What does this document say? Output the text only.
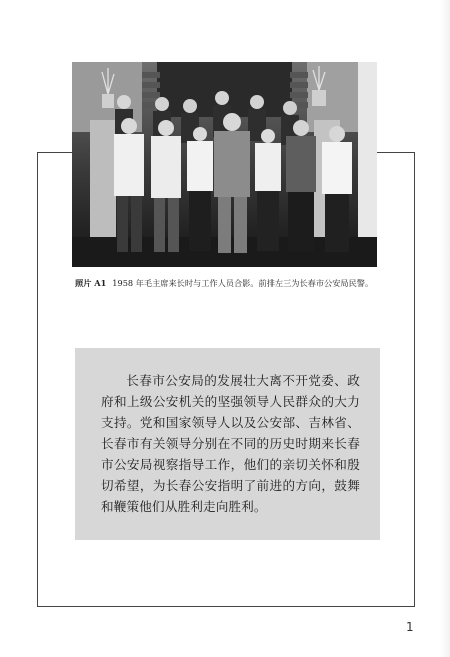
照片 A1 1958 年毛主席来长时与工作人员合影。前排左三为长春市公安局民警。

长春市公安局的发展壮大离不开党委、政府和上级公安机关的坚强领导人民群众的大力支持。党和国家领导人以及公安部、吉林省、长春市有关领导分别在不同的历史时期来长春市公安局视察指导工作，他们的亲切关怀和殷切希望，为长春公安指明了前进的方向，鼓舞和鞭策他们从胜利走向胜利。

1
